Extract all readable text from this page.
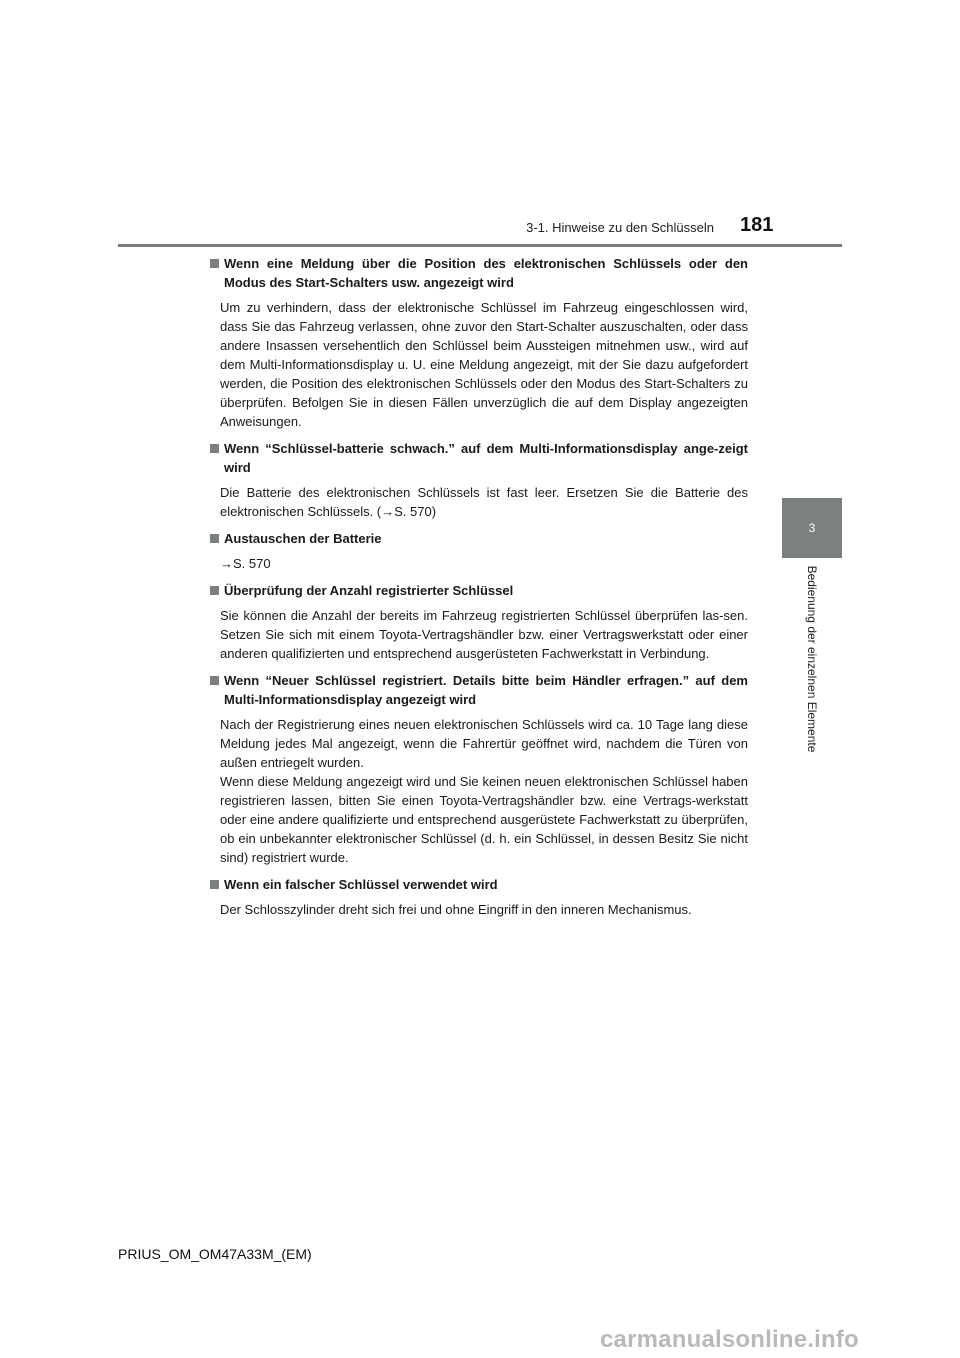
3-1. Hinweise zu den Schlüsseln 181
3
Bedienung der einzelnen Elemente
Wenn eine Meldung über die Position des elektronischen Schlüssels oder den Modus des Start-Schalters usw. angezeigt wird

Um zu verhindern, dass der elektronische Schlüssel im Fahrzeug eingeschlossen wird, dass Sie das Fahrzeug verlassen, ohne zuvor den Start-Schalter auszuschalten, oder dass andere Insassen versehentlich den Schlüssel beim Aussteigen mitnehmen usw., wird auf dem Multi-Informationsdisplay u. U. eine Meldung angezeigt, mit der Sie dazu aufgefordert werden, die Position des elektronischen Schlüssels oder den Modus des Start-Schalters zu überprüfen. Befolgen Sie in diesen Fällen unverzüglich die auf dem Display angezeigten Anweisungen.

Wenn “Schlüssel-batterie schwach.” auf dem Multi-Informationsdisplay ange-zeigt wird

Die Batterie des elektronischen Schlüssels ist fast leer. Ersetzen Sie die Batterie des elektronischen Schlüssels. (→S. 570)

Austauschen der Batterie

→S. 570

Überprüfung der Anzahl registrierter Schlüssel

Sie können die Anzahl der bereits im Fahrzeug registrierten Schlüssel überprüfen las-sen. Setzen Sie sich mit einem Toyota-Vertragshändler bzw. einer Vertragswerkstatt oder einer anderen qualifizierten und entsprechend ausgerüsteten Fachwerkstatt in Verbindung.

Wenn “Neuer Schlüssel registriert. Details bitte beim Händler erfragen.” auf dem Multi-Informationsdisplay angezeigt wird

Nach der Registrierung eines neuen elektronischen Schlüssels wird ca. 10 Tage lang diese Meldung jedes Mal angezeigt, wenn die Fahrertür geöffnet wird, nachdem die Türen von außen entriegelt wurden.

Wenn diese Meldung angezeigt wird und Sie keinen neuen elektronischen Schlüssel haben registrieren lassen, bitten Sie einen Toyota-Vertragshändler bzw. eine Vertrags-werkstatt oder eine andere qualifizierte und entsprechend ausgerüstete Fachwerkstatt zu überprüfen, ob ein unbekannter elektronischer Schlüssel (d. h. ein Schlüssel, in dessen Besitz Sie nicht sind) registriert wurde.

Wenn ein falscher Schlüssel verwendet wird

Der Schlosszylinder dreht sich frei und ohne Eingriff in den inneren Mechanismus.

PRIUS_OM_OM47A33M_(EM)
carmanualsonline.info
